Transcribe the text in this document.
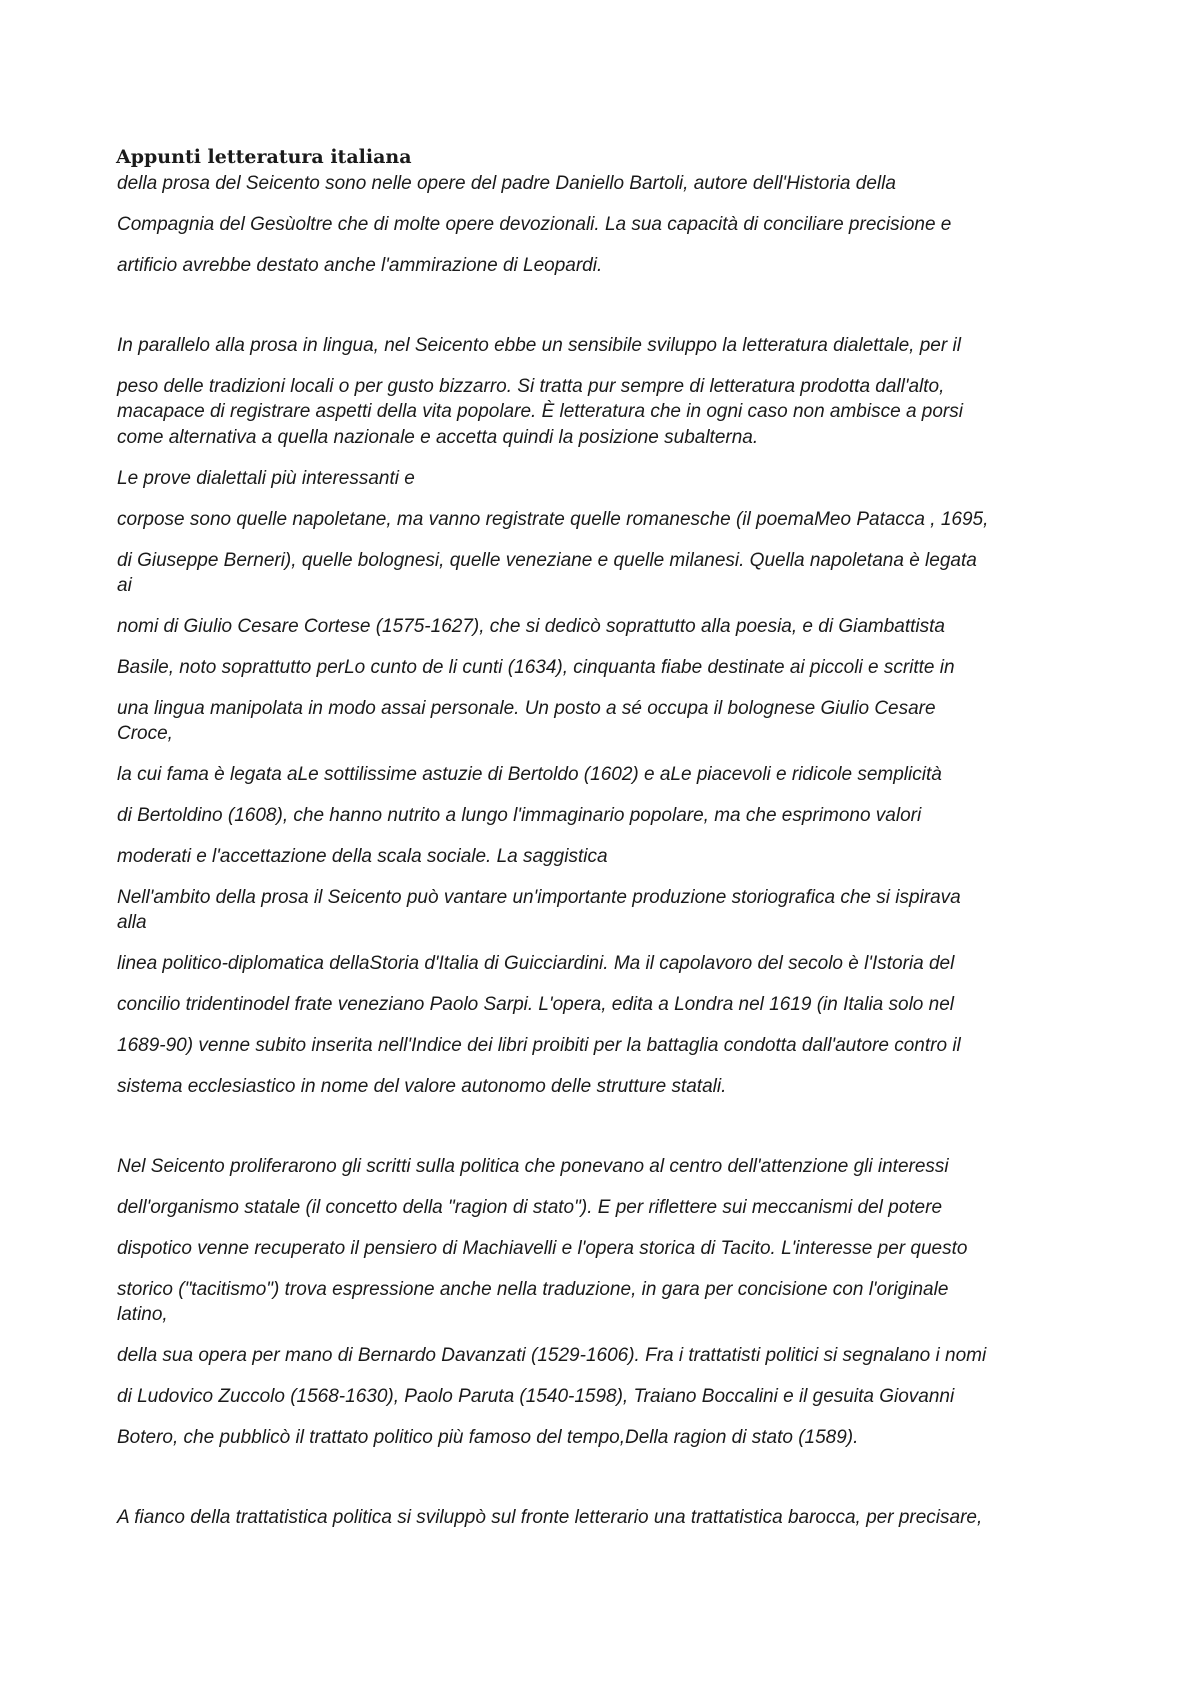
Appunti letteratura italiana
della prosa del Seicento sono nelle opere del padre Daniello Bartoli, autore dell'Historia della
Compagnia del Gesùoltre che di molte opere devozionali. La sua capacità di conciliare precisione e
artificio avrebbe destato anche l'ammirazione di Leopardi.
In parallelo alla prosa in lingua, nel Seicento ebbe un sensibile sviluppo la letteratura dialettale, per il
peso delle tradizioni locali o per gusto bizzarro. Si tratta pur sempre di letteratura prodotta dall'alto,
macapace di registrare aspetti della vita popolare. È letteratura che in ogni caso non ambisce a porsi
come alternativa a quella nazionale e accetta quindi la posizione subalterna.
Le prove dialettali più interessanti e
corpose sono quelle napoletane, ma vanno registrate quelle romanesche (il poemaMeo Patacca , 1695,
di Giuseppe Berneri), quelle bolognesi, quelle veneziane e quelle milanesi. Quella napoletana è legata
ai
nomi di Giulio Cesare Cortese (1575-1627), che si dedicò soprattutto alla poesia, e di Giambattista
Basile, noto soprattutto perLo cunto de li cunti (1634), cinquanta fiabe destinate ai piccoli e scritte in
una lingua manipolata in modo assai personale. Un posto a sé occupa il bolognese Giulio Cesare
Croce,
la cui fama è legata aLe sottilissime astuzie di Bertoldo (1602) e aLe piacevoli e ridicole semplicità
di Bertoldino (1608), che hanno nutrito a lungo l'immaginario popolare, ma che esprimono valori
moderati e l'accettazione della scala sociale. La saggistica
Nell'ambito della prosa il Seicento può vantare un'importante produzione storiografica che si ispirava
alla
linea politico-diplomatica dellaStoria d'Italia di Guicciardini. Ma il capolavoro del secolo è l'Istoria del
concilio tridentinodel frate veneziano Paolo Sarpi. L'opera, edita a Londra nel 1619 (in Italia solo nel
1689-90) venne subito inserita nell'Indice dei libri proibiti per la battaglia condotta dall'autore contro il
sistema ecclesiastico in nome del valore autonomo delle strutture statali.
Nel Seicento proliferarono gli scritti sulla politica che ponevano al centro dell'attenzione gli interessi
dell'organismo statale (il concetto della "ragion di stato"). E per riflettere sui meccanismi del potere
dispotico venne recuperato il pensiero di Machiavelli e l'opera storica di Tacito. L'interesse per questo
storico ("tacitismo") trova espressione anche nella traduzione, in gara per concisione con l'originale
latino,
della sua opera per mano di Bernardo Davanzati (1529-1606). Fra i trattatisti politici si segnalano i nomi
di Ludovico Zuccolo (1568-1630), Paolo Paruta (1540-1598), Traiano Boccalini e il gesuita Giovanni
Botero, che pubblicò il trattato politico più famoso del tempo,Della ragion di stato (1589).
A fianco della trattatistica politica si sviluppò sul fronte letterario una trattatistica barocca, per precisare,
